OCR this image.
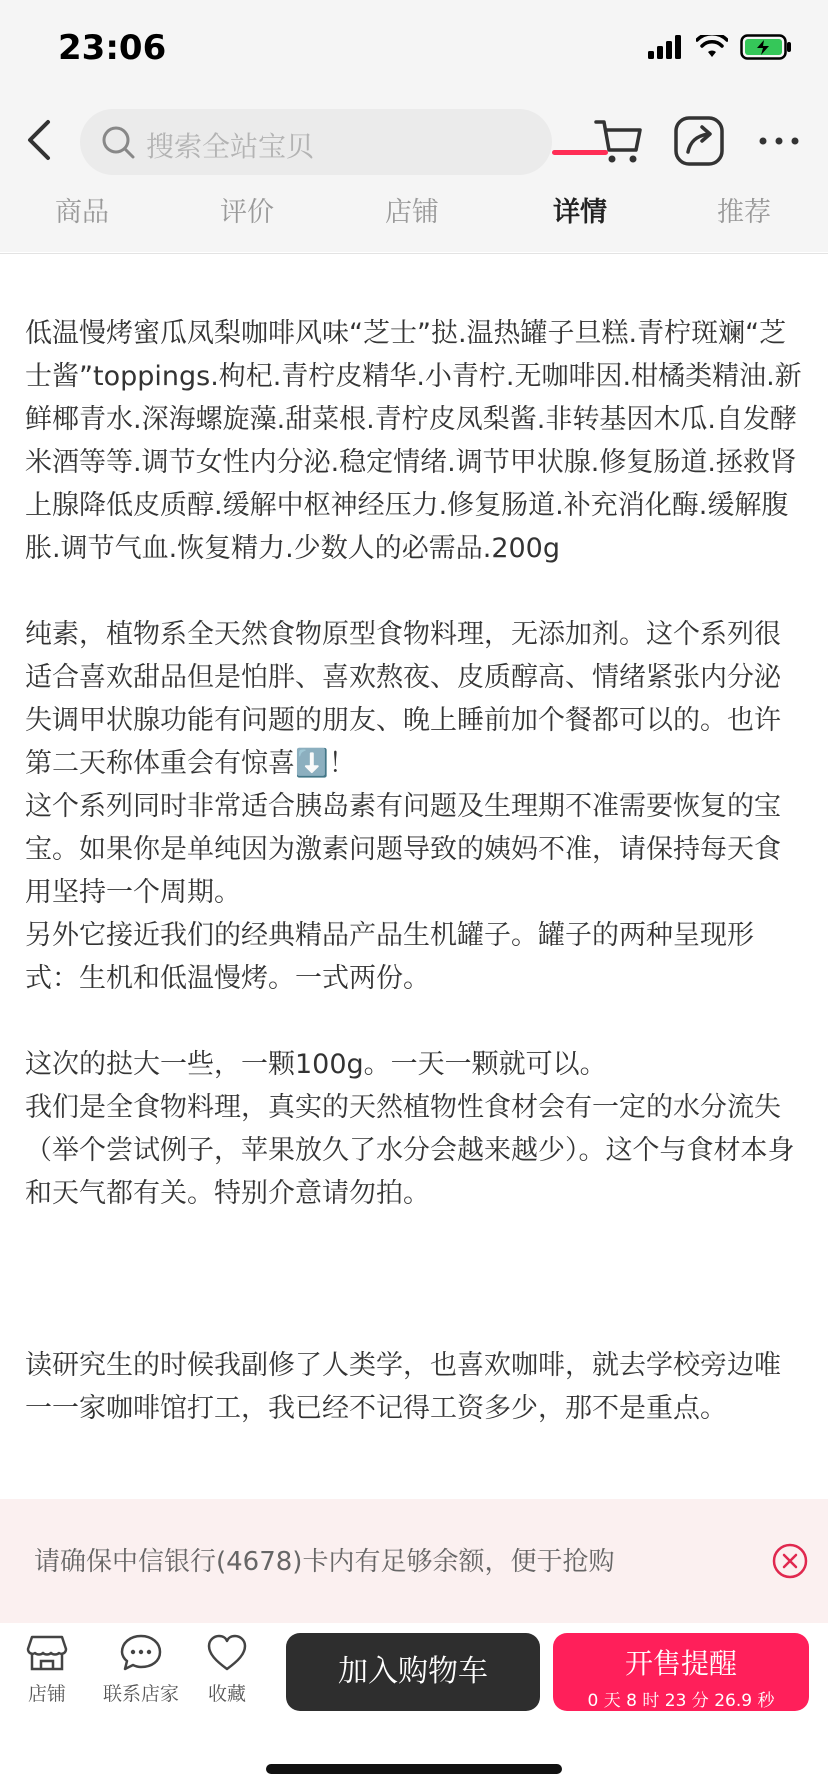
23:06
搜索全站宝贝
商品	评价	店铺	详情	推荐

低温慢烤蜜瓜凤梨咖啡风味“芝士”挞.温热罐子旦糕.青柠斑斓“芝士酱”toppings.枸杞.青柠皮精华.小青柠.无咖啡因.柑橘类精油.新鲜椰青水.深海螺旋藻.甜菜根.青柠皮凤梨酱.非转基因木瓜.自发酵米酒等等.调节女性内分泌.稳定情绪.调节甲状腺.修复肠道.拯救肾上腺降低皮质醇.缓解中枢神经压力.修复肠道.补充消化酶.缓解腹胀.调节气血.恢复精力.少数人的必需品.200g

纯素，植物系全天然食物原型食物料理，无添加剂。这个系列很适合喜欢甜品但是怕胖、喜欢熬夜、皮质醇高、情绪紧张内分泌失调甲状腺功能有问题的朋友、晚上睡前加个餐都可以的。也许第二天称体重会有惊喜⬇️！
这个系列同时非常适合胰岛素有问题及生理期不准需要恢复的宝宝。如果你是单纯因为激素问题导致的姨妈不准，请保持每天食用坚持一个周期。
另外它接近我们的经典精品产品生机罐子。罐子的两种呈现形式：生机和低温慢烤。一式两份。

这次的挞大一些，一颗100g。一天一颗就可以。
我们是全食物料理，真实的天然植物性食材会有一定的水分流失（举个尝试例子，苹果放久了水分会越来越少）。这个与食材本身和天气都有关。特别介意请勿拍。

读研究生的时候我副修了人类学，也喜欢咖啡，就去学校旁边唯一一家咖啡馆打工，我已经不记得工资多少，那不是重点。

请确保中信银行(4678)卡内有足够余额，便于抢购
店铺	联系店家	收藏
加入购物车	开售提醒
0 天 8 时 23 分 26.9 秒
